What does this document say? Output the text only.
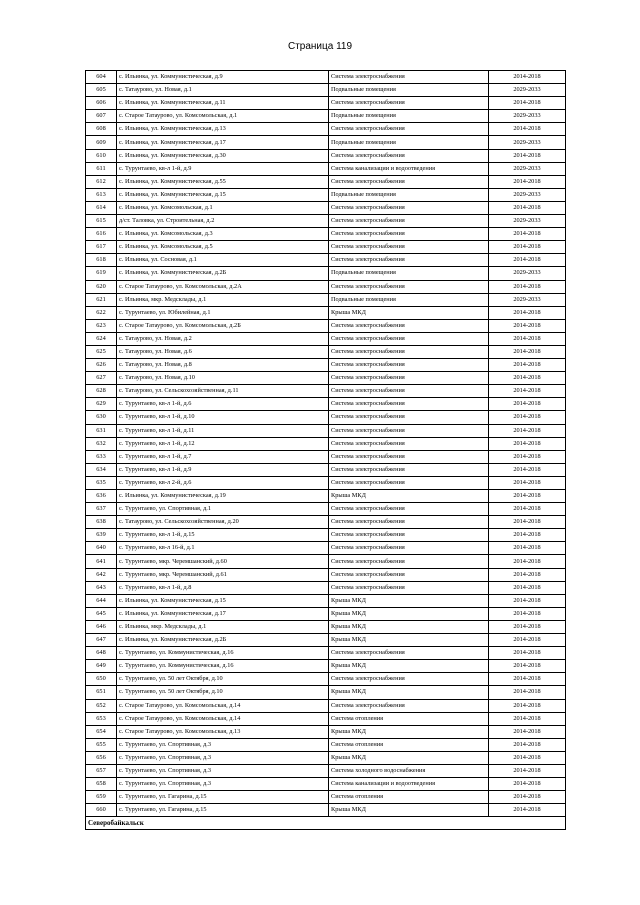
Страница 119
604	с. Ильинка, ул. Коммунистическая, д.9	Система электроснабжения	2014-2018
605	с. Татаурово, ул. Новая, д.1	Подвальные помещения	2029-2033
606	с. Ильинка, ул. Коммунистическая, д.11	Система электроснабжения	2014-2018
607	с. Старое Татаурово, ул. Комсомольская, д.1	Подвальные помещения	2029-2033
608	с. Ильинка, ул. Коммунистическая, д.13	Система электроснабжения	2014-2018
609	с. Ильинка, ул. Коммунистическая, д.17	Подвальные помещения	2029-2033
610	с. Ильинка, ул. Коммунистическая, д.30	Система электроснабжения	2014-2018
611	с. Турунтаево, кв-л 1-й, д.9	Система канализации и водоотведения	2029-2033
612	с. Ильинка, ул. Коммунистическая, д.55	Система электроснабжения	2014-2018
613	с. Ильинка, ул. Коммунистическая, д.15	Подвальные помещения	2029-2033
614	с. Ильинка, ул. Комсомольская, д.1	Система электроснабжения	2014-2018
615	д/ст. Таловка, ул. Строительная, д.2	Система электроснабжения	2029-2033
616	с. Ильинка, ул. Комсомольская, д.3	Система электроснабжения	2014-2018
617	с. Ильинка, ул. Комсомольская, д.5	Система электроснабжения	2014-2018
618	с. Ильинка, ул. Сосновая, д.1	Система электроснабжения	2014-2018
619	с. Ильинка, ул. Коммунистическая, д.2Б	Подвальные помещения	2029-2033
620	с. Старое Татаурово, ул. Комсомольская, д.2А	Система электроснабжения	2014-2018
621	с. Ильинка, мкр. Медсклады, д.1	Подвальные помещения	2029-2033
622	с. Турунтаево, ул. Юбилейная, д.1	Крыша МКД	2014-2018
623	с. Старое Татаурово, ул. Комсомольская, д.2Б	Система электроснабжения	2014-2018
624	с. Татаурово, ул. Новая, д.2	Система электроснабжения	2014-2018
625	с. Татаурово, ул. Новая, д.6	Система электроснабжения	2014-2018
626	с. Татаурово, ул. Новая, д.8	Система электроснабжения	2014-2018
627	с. Татаурово, ул. Новая, д.10	Система электроснабжения	2014-2018
628	с. Татаурово, ул. Сельскохозяйственная, д.11	Система электроснабжения	2014-2018
629	с. Турунтаево, кв-л 1-й, д.6	Система электроснабжения	2014-2018
630	с. Турунтаево, кв-л 1-й, д.10	Система электроснабжения	2014-2018
631	с. Турунтаево, кв-л 1-й, д.11	Система электроснабжения	2014-2018
632	с. Турунтаево, кв-л 1-й, д.12	Система электроснабжения	2014-2018
633	с. Турунтаево, кв-л 1-й, д.7	Система электроснабжения	2014-2018
634	с. Турунтаево, кв-л 1-й, д.9	Система электроснабжения	2014-2018
635	с. Турунтаево, кв-л 2-й, д.6	Система электроснабжения	2014-2018
636	с. Ильинка, ул. Коммунистическая, д.19	Крыша МКД	2014-2018
637	с. Турунтаево, ул. Спортивная, д.1	Система электроснабжения	2014-2018
638	с. Татаурово, ул. Сельскохозяйственная, д.20	Система электроснабжения	2014-2018
639	с. Турунтаево, кв-л 1-й, д.15	Система электроснабжения	2014-2018
640	с. Турунтаево, кв-л 16-й, д.1	Система электроснабжения	2014-2018
641	с. Турунтаево, мкр. Черемшанский, д.60	Система электроснабжения	2014-2018
642	с. Турунтаево, мкр. Черемшанский, д.61	Система электроснабжения	2014-2018
643	с. Турунтаево, кв-л 1-й, д.8	Система электроснабжения	2014-2018
644	с. Ильинка, ул. Коммунистическая, д.15	Крыша МКД	2014-2018
645	с. Ильинка, ул. Коммунистическая, д.17	Крыша МКД	2014-2018
646	с. Ильинка, мкр. Медсклады, д.1	Крыша МКД	2014-2018
647	с. Ильинка, ул. Коммунистическая, д.2Б	Крыша МКД	2014-2018
648	с. Турунтаево, ул. Коммунистическая, д.16	Система электроснабжения	2014-2018
649	с. Турунтаево, ул. Коммунистическая, д.16	Крыша МКД	2014-2018
650	с. Турунтаево, ул. 50 лет Октября, д.10	Система электроснабжения	2014-2018
651	с. Турунтаево, ул. 50 лет Октября, д.10	Крыша МКД	2014-2018
652	с. Старое Татаурово, ул. Комсомольская, д.14	Система электроснабжения	2014-2018
653	с. Старое Татаурово, ул. Комсомольская, д.14	Система отопления	2014-2018
654	с. Старое Татаурово, ул. Комсомольская, д.13	Крыша МКД	2014-2018
655	с. Турунтаево, ул. Спортивная, д.3	Система отопления	2014-2018
656	с. Турунтаево, ул. Спортивная, д.3	Крыша МКД	2014-2018
657	с. Турунтаево, ул. Спортивная, д.3	Система холодного водоснабжения	2014-2018
658	с. Турунтаево, ул. Спортивная, д.3	Система канализации и водоотведения	2014-2018
659	с. Турунтаево, ул. Гагарина, д.15	Система отопления	2014-2018
660	с. Турунтаево, ул. Гагарина, д.15	Крыша МКД	2014-2018
Северобайкальск			
